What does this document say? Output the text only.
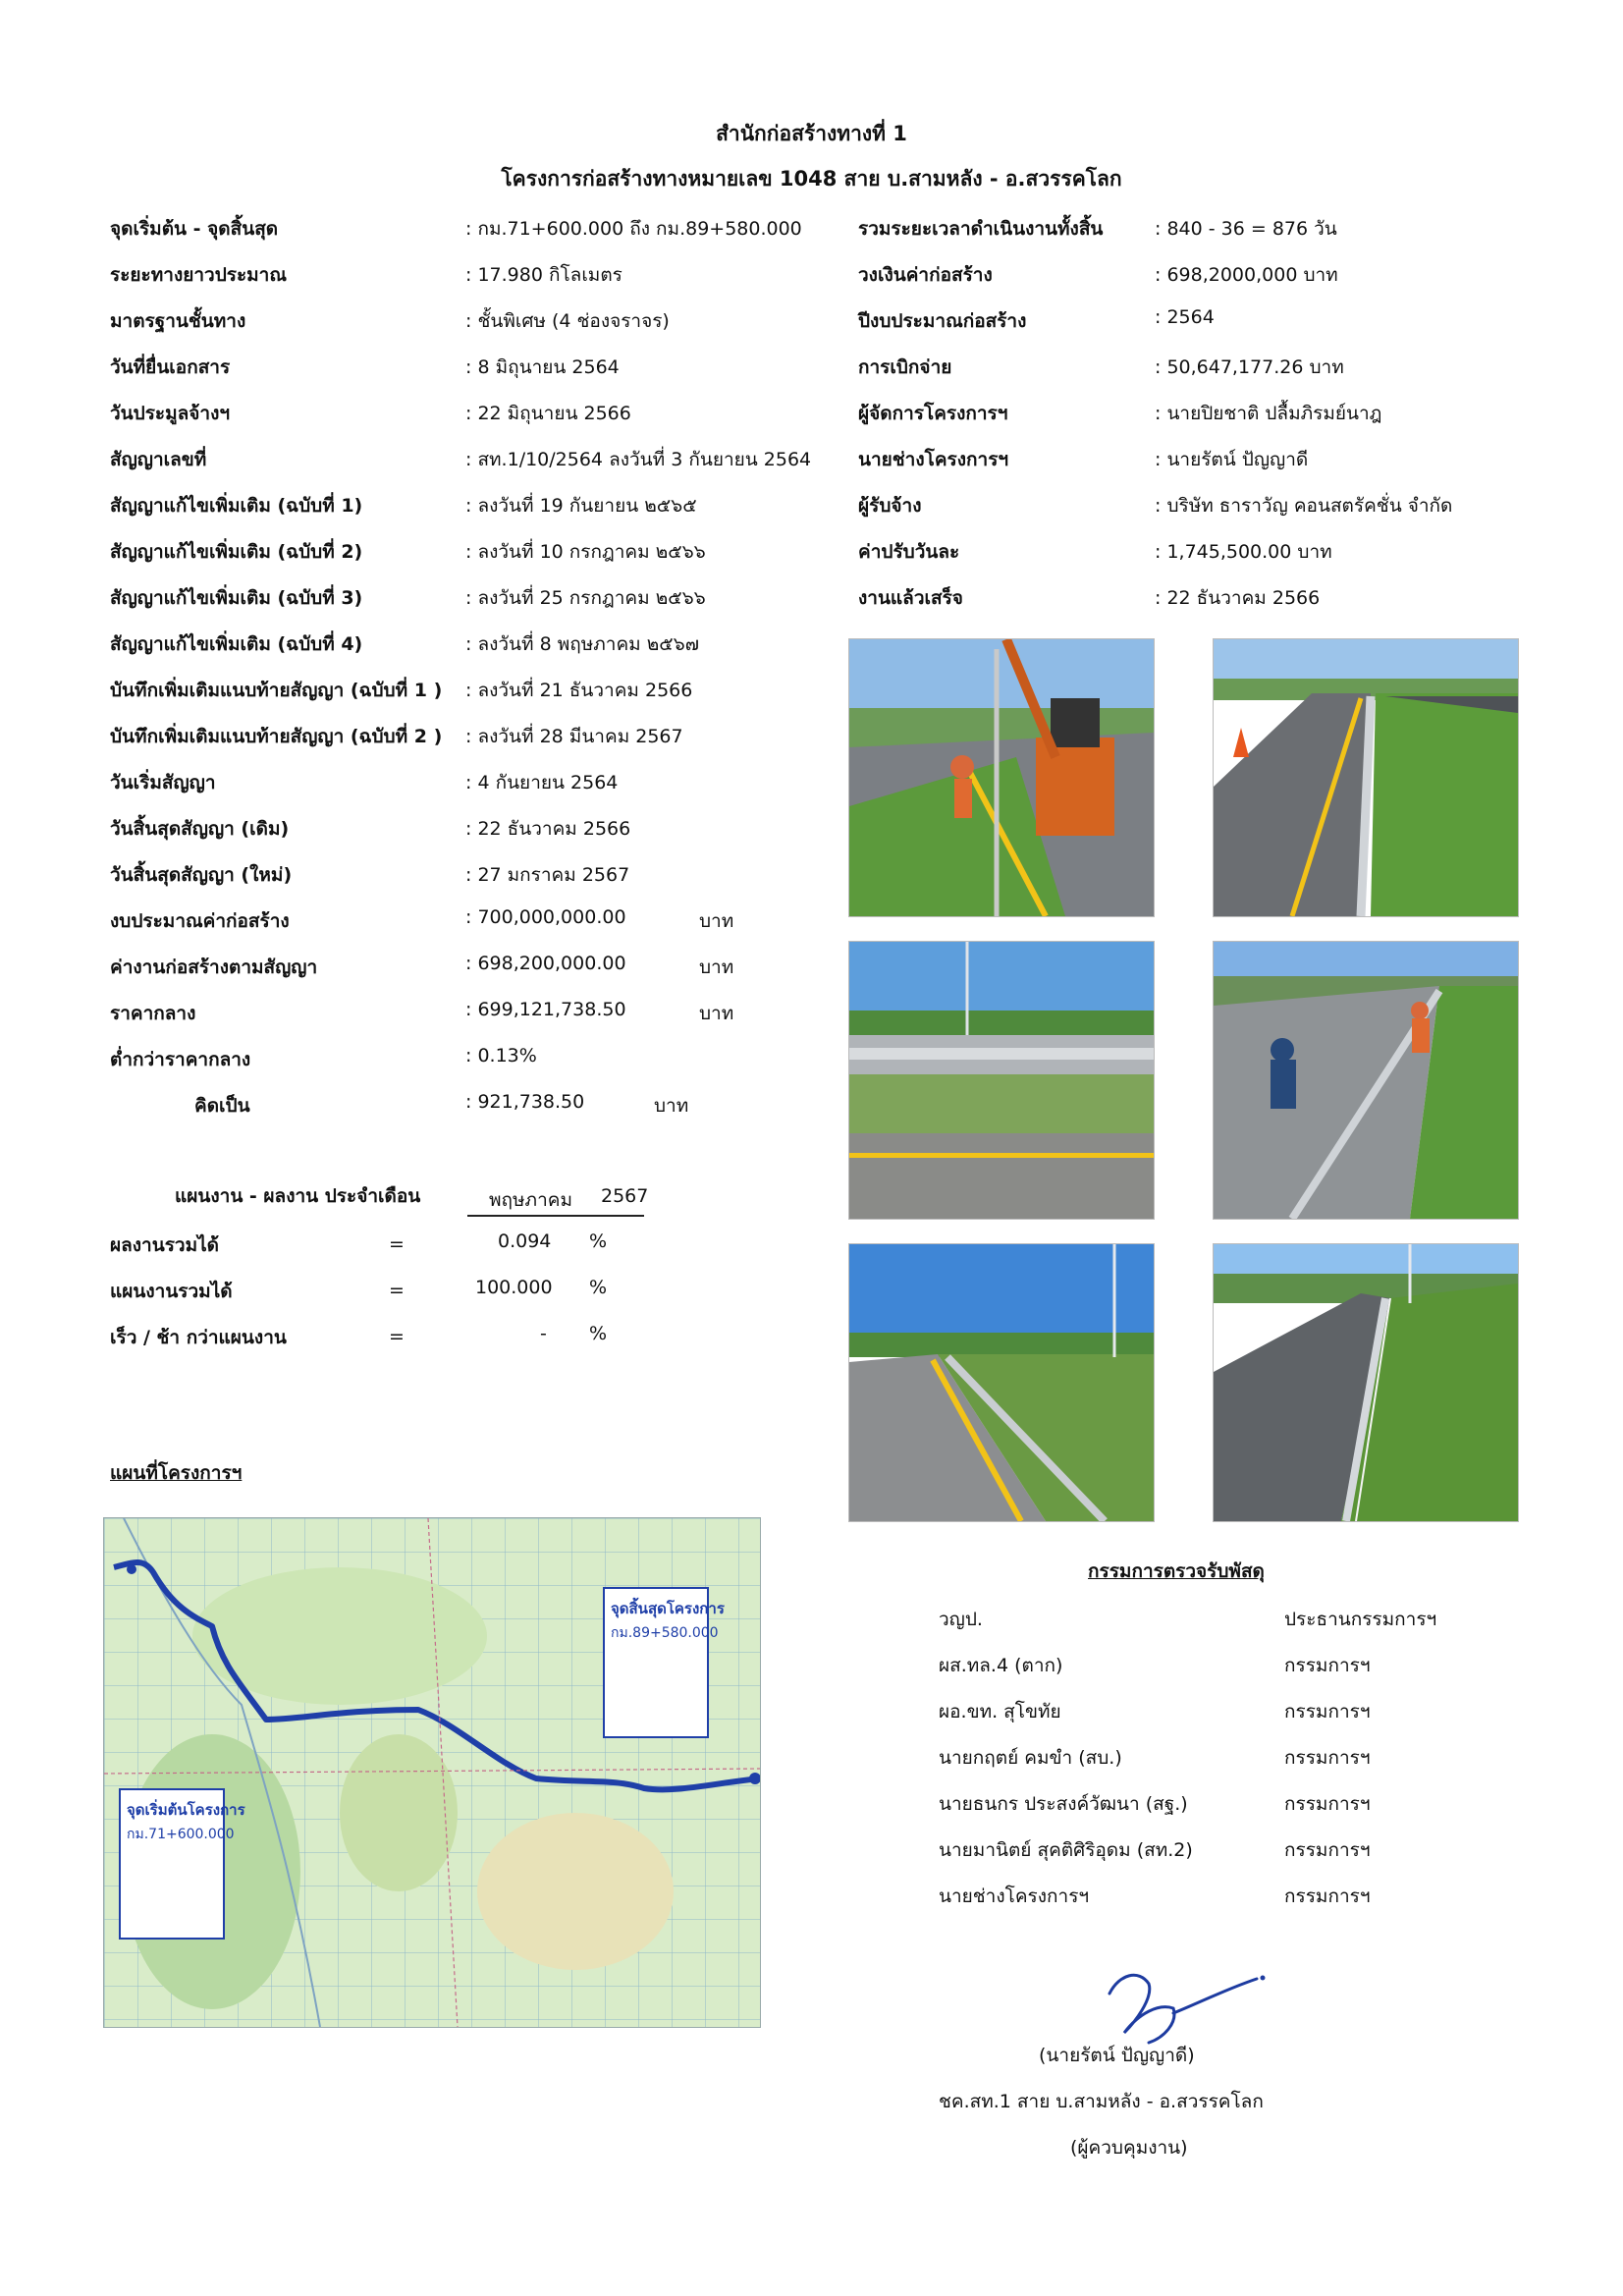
สำนักก่อสร้างทางที่ 1
โครงการก่อสร้างทางหมายเลข 1048 สาย บ.สามหลัง - อ.สวรรคโลก
จุดเริ่มต้น - จุดสิ้นสุด	: กม.71+600.000 ถึง กม.89+580.000
ระยะทางยาวประมาณ	: 17.980 กิโลเมตร
มาตรฐานชั้นทาง	: ชั้นพิเศษ (4 ช่องจราจร)
วันที่ยื่นเอกสาร	: 8 มิถุนายน 2564
วันประมูลจ้างฯ	: 22 มิถุนายน 2566
สัญญาเลขที่	: สท.1/10/2564 ลงวันที่ 3 กันยายน 2564
สัญญาแก้ไขเพิ่มเติม (ฉบับที่ 1)	: ลงวันที่ 19 กันยายน ๒๕๖๕
สัญญาแก้ไขเพิ่มเติม (ฉบับที่ 2)	: ลงวันที่ 10 กรกฎาคม ๒๕๖๖
สัญญาแก้ไขเพิ่มเติม (ฉบับที่ 3)	: ลงวันที่ 25 กรกฎาคม ๒๕๖๖
สัญญาแก้ไขเพิ่มเติม (ฉบับที่ 4)	: ลงวันที่ 8 พฤษภาคม ๒๕๖๗
บันทึกเพิ่มเติมแนบท้ายสัญญา (ฉบับที่ 1 ) : ลงวันที่ 21 ธันวาคม 2566
บันทึกเพิ่มเติมแนบท้ายสัญญา (ฉบับที่ 2 ) : ลงวันที่ 28 มีนาคม 2567
วันเริ่มสัญญา	: 4 กันยายน 2564
วันสิ้นสุดสัญญา (เดิม)	: 22 ธันวาคม 2566
วันสิ้นสุดสัญญา (ใหม่)	: 27 มกราคม 2567
งบประมาณค่าก่อสร้าง	: 700,000,000.00	บาท
ค่างานก่อสร้างตามสัญญา	: 698,200,000.00	บาท
ราคากลาง	: 699,121,738.50	บาท
ต่ำกว่าราคากลาง	: 0.13%
คิดเป็น	: 921,738.50	บาท
รวมระยะเวลาดำเนินงานทั้งสิ้น	: 840 - 36 = 876 วัน
วงเงินค่าก่อสร้าง	: 698,2000,000 บาท
ปีงบประมาณก่อสร้าง	: 2564
การเบิกจ่าย	: 50,647,177.26 บาท
ผู้จัดการโครงการฯ	: นายปิยชาติ ปลื้มภิรมย์นาฎ
นายช่างโครงการฯ	: นายรัตน์ ปัญญาดี
ผู้รับจ้าง	: บริษัท ธาราวัญ คอนสตรัคชั่น จำกัด
ค่าปรับวันละ	: 1,745,500.00 บาท
งานแล้วเสร็จ	: 22 ธันวาคม 2566
แผนงาน - ผลงาน ประจำเดือน	พฤษภาคม 2567
ผลงานรวมได้	=	0.094 %
แผนงานรวมได้	=	100.000 %
เร็ว / ช้า กว่าแผนงาน	=	- %
แผนที่โครงการฯ
จุดสิ้นสุดโครงการ
กม.89+580.000
จุดเริ่มต้นโครงการ
กม.71+600.000
กรรมการตรวจรับพัสดุ
วญป.	ประธานกรรมการฯ
ผส.ทล.4 (ตาก)	กรรมการฯ
ผอ.ขท. สุโขทัย	กรรมการฯ
นายกฤตย์ คมขำ (สบ.)	กรรมการฯ
นายธนกร ประสงค์วัฒนา (สฐ.)	กรรมการฯ
นายมานิตย์ สุคติศิริอุดม (สท.2)	กรรมการฯ
นายช่างโครงการฯ	กรรมการฯ
(นายรัตน์ ปัญญาดี)
ชค.สท.1 สาย บ.สามหลัง - อ.สวรรคโลก
(ผู้ควบคุมงาน)
